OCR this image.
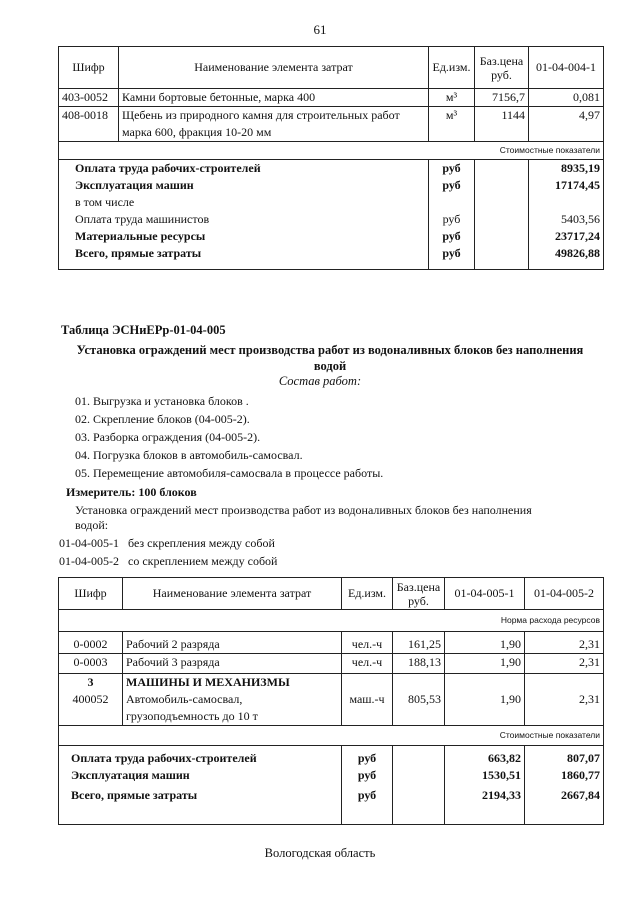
61
Шифр	Наименование элемента затрат	Ед.изм.	Баз.цена руб.	01-04-004-1
403-0052	Камни бортовые бетонные, марка 400	м³	7156,7	0,081
408-0018	Щебень из природного камня для строительных работ марка 600, фракция 10-20 мм	м³	1144	4,97
Стоимостные показатели				
Оплата труда рабочих-строителей		руб		8935,19
Эксплуатация машин		руб		17174,45
в том числе				
Оплата труда машинистов		руб		5403,56
Материальные ресурсы		руб		23717,24
Всего, прямые затраты		руб		49826,88
Таблица ЭСНиЕРр-01-04-005
Установка ограждений мест производства работ из водоналивных блоков без наполнения
водой
Состав работ:
01. Выгрузка и установка блоков .
02. Скрепление блоков (04-005-2).
03. Разборка ограждения (04-005-2).
04. Погрузка блоков в автомобиль-самосвал.
05. Перемещение автомобиля-самосвала в процессе работы.
Измеритель: 100 блоков
Установка ограждений мест производства работ из водоналивных блоков без наполнения
водой:
01-04-005-1 без скрепления между собой
01-04-005-2 со скреплением между собой
Шифр	Наименование элемента затрат	Ед.изм.	Баз.цена руб.	01-04-005-1	01-04-005-2
Норма расхода ресурсов					
0-0002	Рабочий 2 разряда	чел.-ч	161,25	1,90	2,31
0-0003	Рабочий 3 разряда	чел.-ч	188,13	1,90	2,31
3	МАШИНЫ И МЕХАНИЗМЫ				
400052	Автомобиль-самосвал, грузоподъемность до 10 т	маш.-ч	805,53	1,90	2,31
Стоимостные показатели					
Оплата труда рабочих-строителей		руб		663,82	807,07
Эксплуатация машин		руб		1530,51	1860,77
Всего, прямые затраты		руб		2194,33	2667,84
Вологодская область
